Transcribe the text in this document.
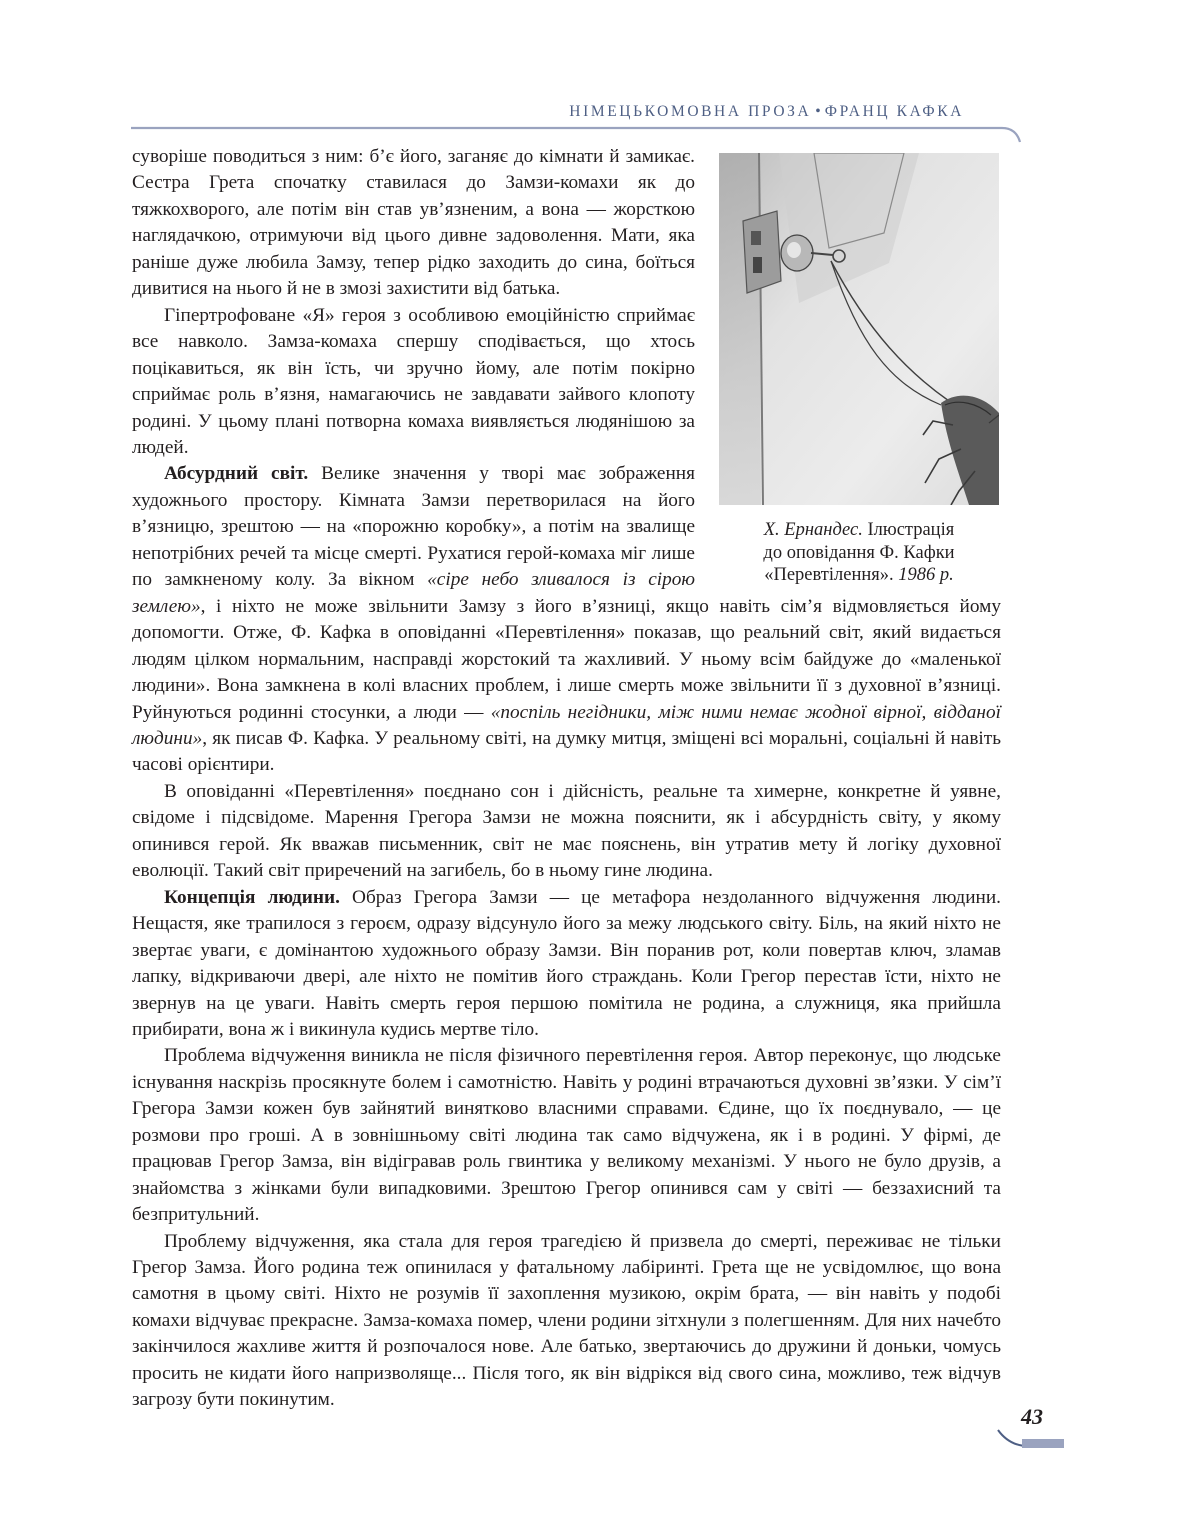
НІМЕЦЬКОМОВНА ПРОЗА • ФРАНЦ КАФКА
Х. Ернандес. Ілюстрація
до оповідання Ф. Кафки
«Перевтілення». 1986 р.

суворіше поводиться з ним: б’є його, заганяє до кімнати й замикає. Сестра Грета спочатку ставилася до Замзи-комахи як до тяжкохворого, але потім він став ув’язненим, а вона — жорсткою наглядачкою, отримуючи від цього дивне задоволення. Мати, яка раніше дуже любила Замзу, тепер рідко заходить до сина, боїться дивитися на нього й не в змозі захистити від батька.

Гіпертрофоване «Я» героя з особливою емоційністю сприймає все навколо. Замза-комаха спершу сподівається, що хтось поцікавиться, як він їсть, чи зручно йому, але потім покірно сприймає роль в’язня, намагаючись не завдавати зайвого клопоту родині. У цьому плані потворна комаха виявляється людянішою за людей.

Абсурдний світ. Велике значення у творі має зображення художнього простору. Кімната Замзи перетворилася на його в’язницю, зрештою — на «порожню коробку», а потім на звалище непотрібних речей та місце смерті. Рухатися герой-комаха міг лише по замкненому колу. За вікном «сіре небо зливалося із сірою землею», і ніхто не може звільнити Замзу з його в’язниці, якщо навіть сім’я відмовляється йому допомогти. Отже, Ф. Кафка в оповіданні «Перевтілення» показав, що реальний світ, який видається людям цілком нормальним, насправді жорстокий та жахливий. У ньому всім байдуже до «маленької людини». Вона замкнена в колі власних проблем, і лише смерть може звільнити її з духовної в’язниці. Руйнуються родинні стосунки, а люди — «поспіль негідники, між ними немає жодної вірної, відданої людини», як писав Ф. Кафка. У реальному світі, на думку митця, зміщені всі моральні, соціальні й навіть часові орієнтири.

В оповіданні «Перевтілення» поєднано сон і дійсність, реальне та химерне, конкретне й уявне, свідоме і підсвідоме. Марення Грегора Замзи не можна пояснити, як і абсурдність світу, у якому опинився герой. Як вважав письменник, світ не має пояснень, він утратив мету й логіку духовної еволюції. Такий світ приречений на загибель, бо в ньому гине людина.

Концепція людини. Образ Грегора Замзи — це метафора нездоланного відчуження людини. Нещастя, яке трапилося з героєм, одразу відсунуло його за межу людського світу. Біль, на який ніхто не звертає уваги, є домінантою художнього образу Замзи. Він поранив рот, коли повертав ключ, зламав лапку, відкриваючи двері, але ніхто не помітив його страждань. Коли Грегор перестав їсти, ніхто не звернув на це уваги. Навіть смерть героя першою помітила не родина, а служниця, яка прийшла прибирати, вона ж і викинула кудись мертве тіло.

Проблема відчуження виникла не після фізичного перевтілення героя. Автор переконує, що людське існування наскрізь просякнуте болем і самотністю. Навіть у родині втрачаються духовні зв’язки. У сім’ї Грегора Замзи кожен був зайнятий винятково власними справами. Єдине, що їх поєднувало, — це розмови про гроші. А в зовнішньому світі людина так само відчужена, як і в родині. У фірмі, де працював Грегор Замза, він відігравав роль гвинтика у великому механізмі. У нього не було друзів, а знайомства з жінками були випадковими. Зрештою Грегор опинився сам у світі — беззахисний та безпритульний.

Проблему відчуження, яка стала для героя трагедією й призвела до смерті, переживає не тільки Грегор Замза. Його родина теж опинилася у фатальному лабіринті. Грета ще не усвідомлює, що вона самотня в цьому світі. Ніхто не розумів її захоплення музикою, окрім брата, — він навіть у подобі комахи відчуває прекрасне. Замза-комаха помер, члени родини зітхнули з полегшенням. Для них начебто закінчилося жахливе життя й розпочалося нове. Але батько, звертаючись до дружини й доньки, чомусь просить не кидати його напризволяще... Після того, як він відрікся від свого сина, можливо, теж відчув загрозу бути покинутим.

43
